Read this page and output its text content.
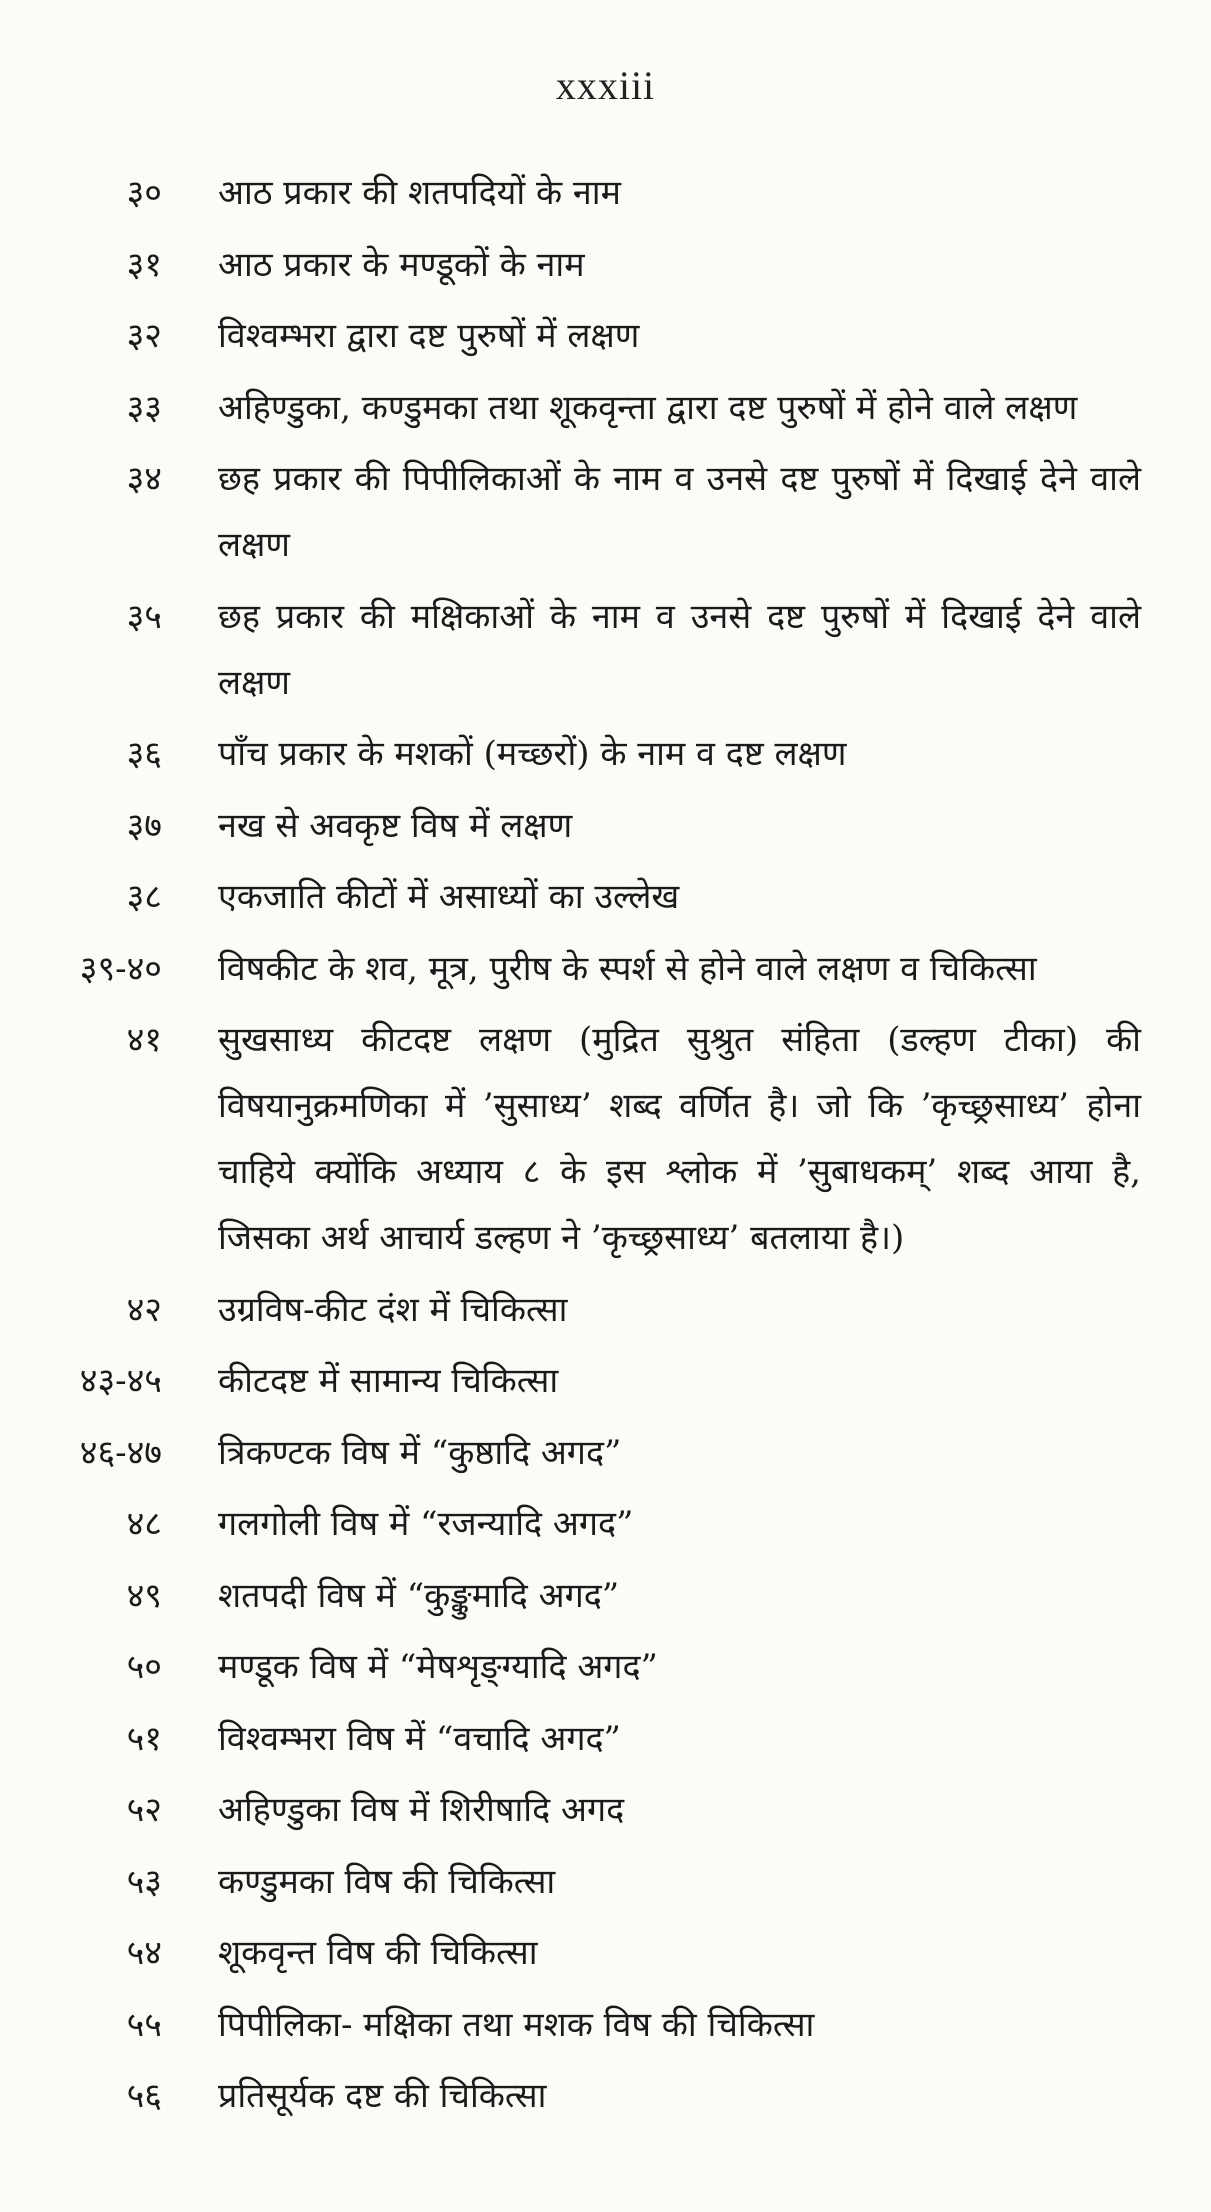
xxxiii
३० आठ प्रकार की शतपदियों के नाम
३१ आठ प्रकार के मण्डूकों के नाम
३२ विश्वम्भरा द्वारा दष्ट पुरुषों में लक्षण
३३ अहिण्डुका, कण्डुमका तथा शूकवृन्ता द्वारा दष्ट पुरुषों में होने वाले लक्षण
३४ छह प्रकार की पिपीलिकाओं के नाम व उनसे दष्ट पुरुषों में दिखाई देने वाले लक्षण
३५ छह प्रकार की मक्षिकाओं के नाम व उनसे दष्ट पुरुषों में दिखाई देने वाले लक्षण
३६ पाँच प्रकार के मशकों (मच्छरों) के नाम व दष्ट लक्षण
३७ नख से अवकृष्ट विष में लक्षण
३८ एकजाति कीटों में असाध्यों का उल्लेख
३९-४० विषकीट के शव, मूत्र, पुरीष के स्पर्श से होने वाले लक्षण व चिकित्सा
४१ सुखसाध्य कीटदष्ट लक्षण (मुद्रित सुश्रुत संहिता (डल्हण टीका) की विषयानुक्रमणिका में ’सुसाध्य’ शब्द वर्णित है। जो कि ’कृच्छ्रसाध्य’ होना चाहिये क्योंकि अध्याय ८ के इस श्लोक में ’सुबाधकम्’ शब्द आया है, जिसका अर्थ आचार्य डल्हण ने ’कृच्छ्रसाध्य’ बतलाया है।)
४२ उग्रविष-कीट दंश में चिकित्सा
४३-४५ कीटदष्ट में सामान्य चिकित्सा
४६-४७ त्रिकण्टक विष में “कुष्ठादि अगद”
४८ गलगोली विष में “रजन्यादि अगद”
४९ शतपदी विष में “कुङ्कुमादि अगद”
५० मण्डूक विष में “मेषशृङ्ग्यादि अगद”
५१ विश्वम्भरा विष में “वचादि अगद”
५२ अहिण्डुका विष में शिरीषादि अगद
५३ कण्डुमका विष की चिकित्सा
५४ शूकवृन्त विष की चिकित्सा
५५ पिपीलिका- मक्षिका तथा मशक विष की चिकित्सा
५६ प्रतिसूर्यक दष्ट की चिकित्सा
